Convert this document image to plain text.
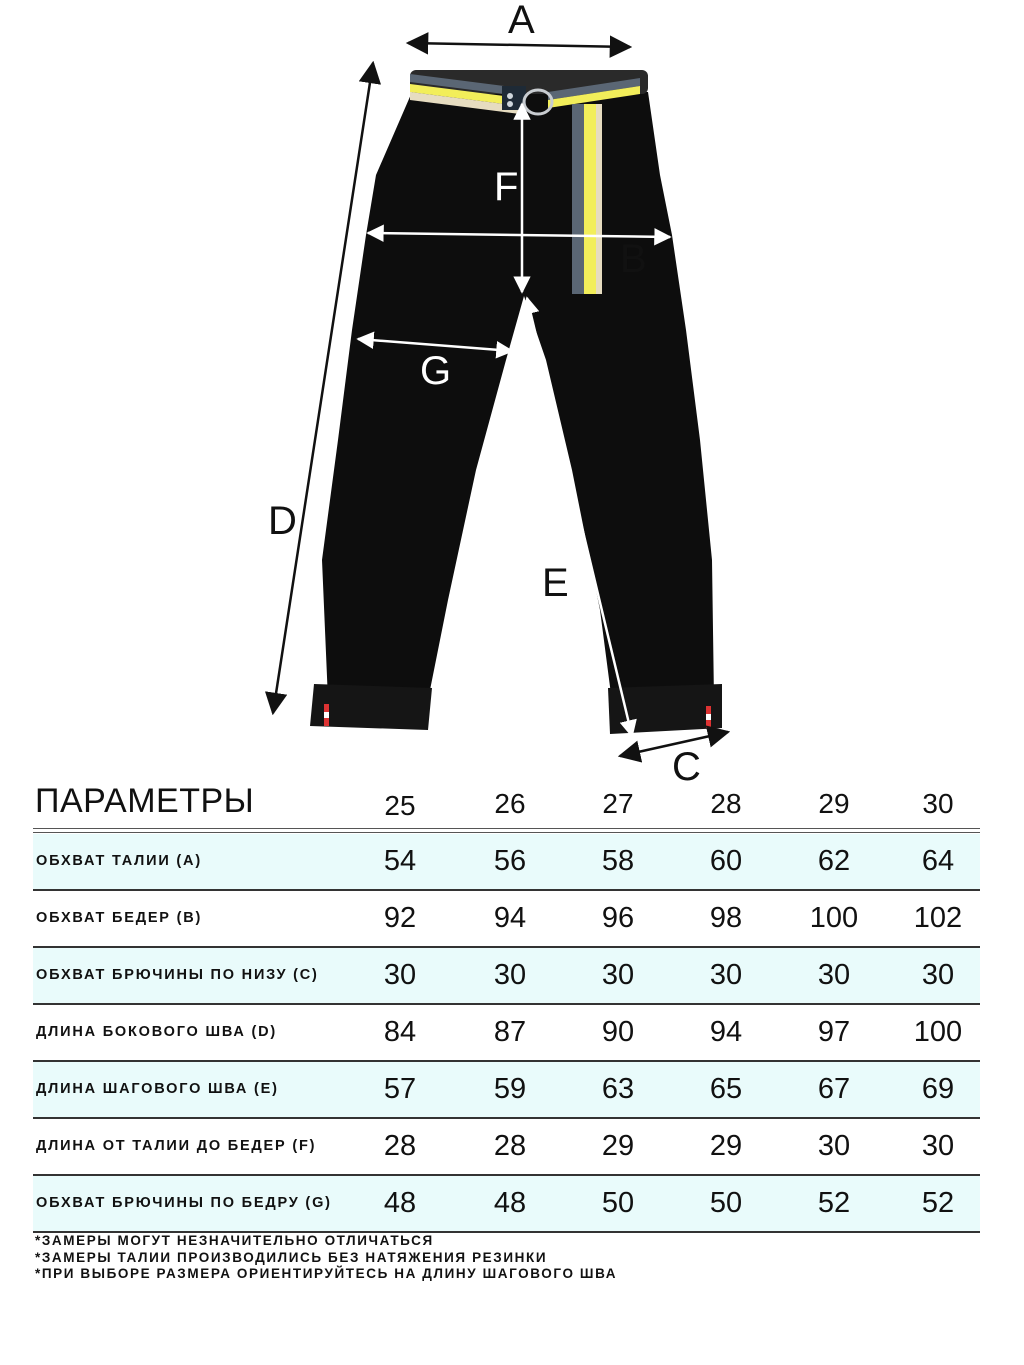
A
B
C
D
E
F
G
ПАРАМЕТРЫ	25	26	27	28	29	30
ОБХВАТ ТАЛИИ (А)	54	56	58	60	62	64
ОБХВАТ БЕДЕР (B)	92	94	96	98	100	102
ОБХВАТ БРЮЧИНЫ ПО НИЗУ (C)	30	30	30	30	30	30
ДЛИНА БОКОВОГО ШВА (D)	84	87	90	94	97	100
ДЛИНА ШАГОВОГО ШВА (E)	57	59	63	65	67	69
ДЛИНА ОТ ТАЛИИ ДО БЕДЕР (F)	28	28	29	29	30	30
ОБХВАТ БРЮЧИНЫ ПО БЕДРУ (G)	48	48	50	50	52	52
*ЗАМЕРЫ МОГУТ НЕЗНАЧИТЕЛЬНО ОТЛИЧАТЬСЯ
*ЗАМЕРЫ ТАЛИИ ПРОИЗВОДИЛИСЬ БЕЗ НАТЯЖЕНИЯ РЕЗИНКИ
*ПРИ ВЫБОРЕ РАЗМЕРА ОРИЕНТИРУЙТЕСЬ НА ДЛИНУ ШАГОВОГО ШВА
